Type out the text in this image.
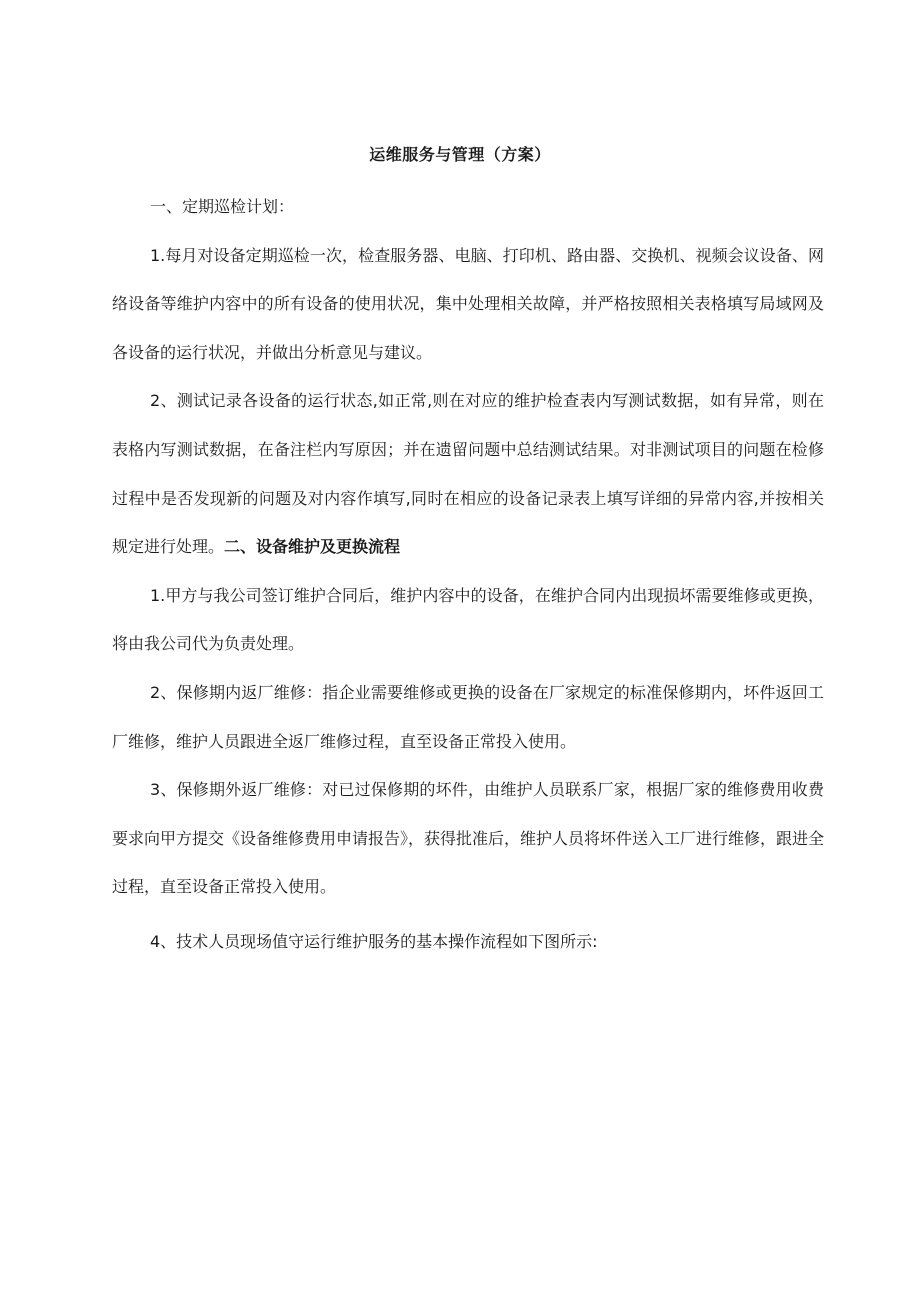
运维服务与管理（方案）

一、定期巡检计划：

1.每月对设备定期巡检一次，检查服务器、电脑、打印机、路由器、交换机、视频会议设备、网络设备等维护内容中的所有设备的使用状况，集中处理相关故障，并严格按照相关表格填写局域网及各设备的运行状况，并做出分析意见与建议。

2、测试记录各设备的运行状态,如正常,则在对应的维护检查表内写测试数据，如有异常，则在表格内写测试数据，在备注栏内写原因；并在遗留问题中总结测试结果。对非测试项目的问题在检修过程中是否发现新的问题及对内容作填写,同时在相应的设备记录表上填写详细的异常内容,并按相关规定进行处理。二、设备维护及更换流程

1.甲方与我公司签订维护合同后，维护内容中的设备，在维护合同内出现损坏需要维修或更换，将由我公司代为负责处理。

2、保修期内返厂维修：指企业需要维修或更换的设备在厂家规定的标准保修期内，坏件返回工厂维修，维护人员跟进全返厂维修过程，直至设备正常投入使用。

3、保修期外返厂维修：对已过保修期的坏件，由维护人员联系厂家，根据厂家的维修费用收费要求向甲方提交《设备维修费用申请报告》，获得批准后，维护人员将坏件送入工厂进行维修，跟进全过程，直至设备正常投入使用。

4、技术人员现场值守运行维护服务的基本操作流程如下图所示:
